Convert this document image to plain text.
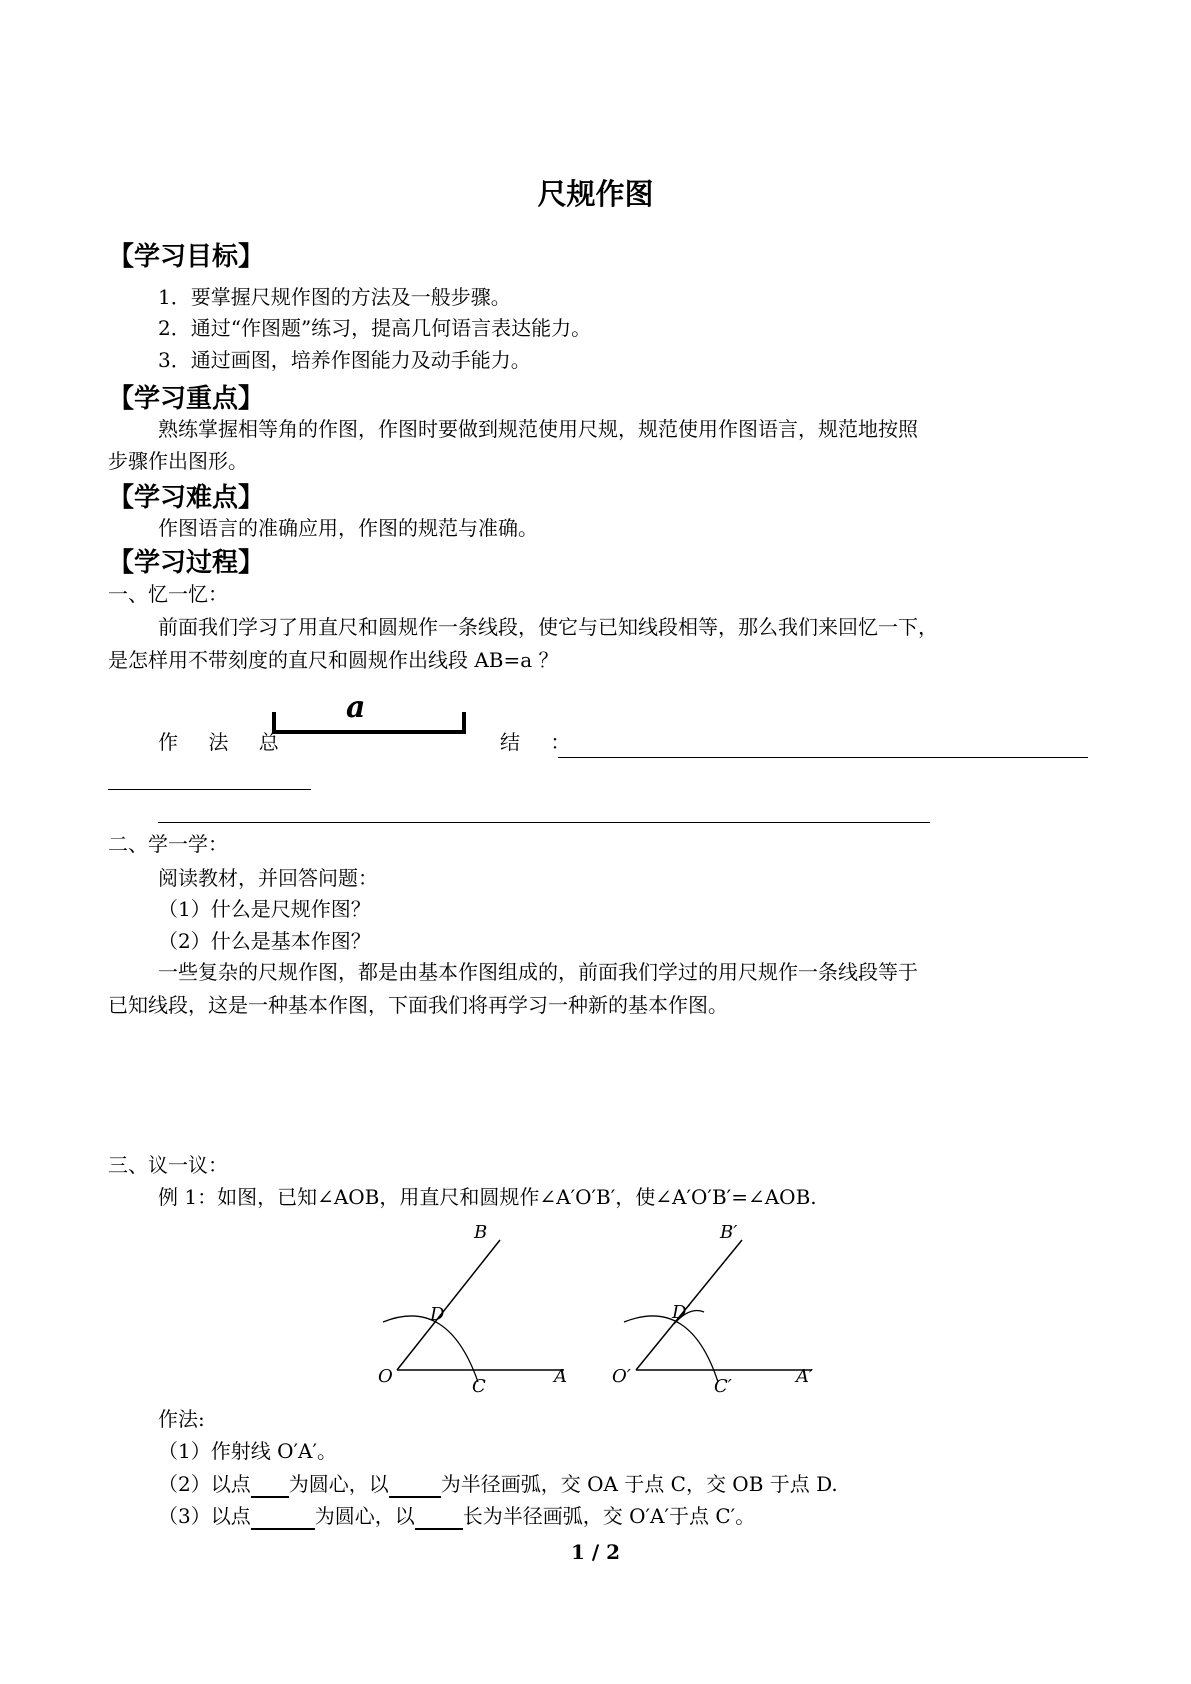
尺规作图
【学习目标】
1．要掌握尺规作图的方法及一般步骤。
2．通过“作图题”练习，提高几何语言表达能力。
3．通过画图，培养作图能力及动手能力。
【学习重点】
熟练掌握相等角的作图，作图时要做到规范使用尺规，规范使用作图语言，规范地按照
步骤作出图形。
【学习难点】
作图语言的准确应用，作图的规范与准确。
【学习过程】
一、忆一忆：
前面我们学习了用直尺和圆规作一条线段，使它与已知线段相等，那么我们来回忆一下，
是怎样用不带刻度的直尺和圆规作出线段 AB=a ？
a
作 法 总	结 ：
二、学一学：
阅读教材，并回答问题：
（1）什么是尺规作图？
（2）什么是基本作图？
一些复杂的尺规作图，都是由基本作图组成的，前面我们学过的用尺规作一条线段等于
已知线段，这是一种基本作图，下面我们将再学习一种新的基本作图。
三、议一议：
例 1：如图，已知∠AOB，用直尺和圆规作∠A′O′B′，使∠A′O′B′=∠AOB.
O	A
C
D
B
O′	A′
C′
D′
B′
作法:
（1）作射线 O′A′。
（2）以点 为圆心，以	为半径画弧，交 OA 于点 C，交 OB 于点 D.
（3）以点	为圆心，以 长为半径画弧，交 O′A′于点 C′。
1 / 2
